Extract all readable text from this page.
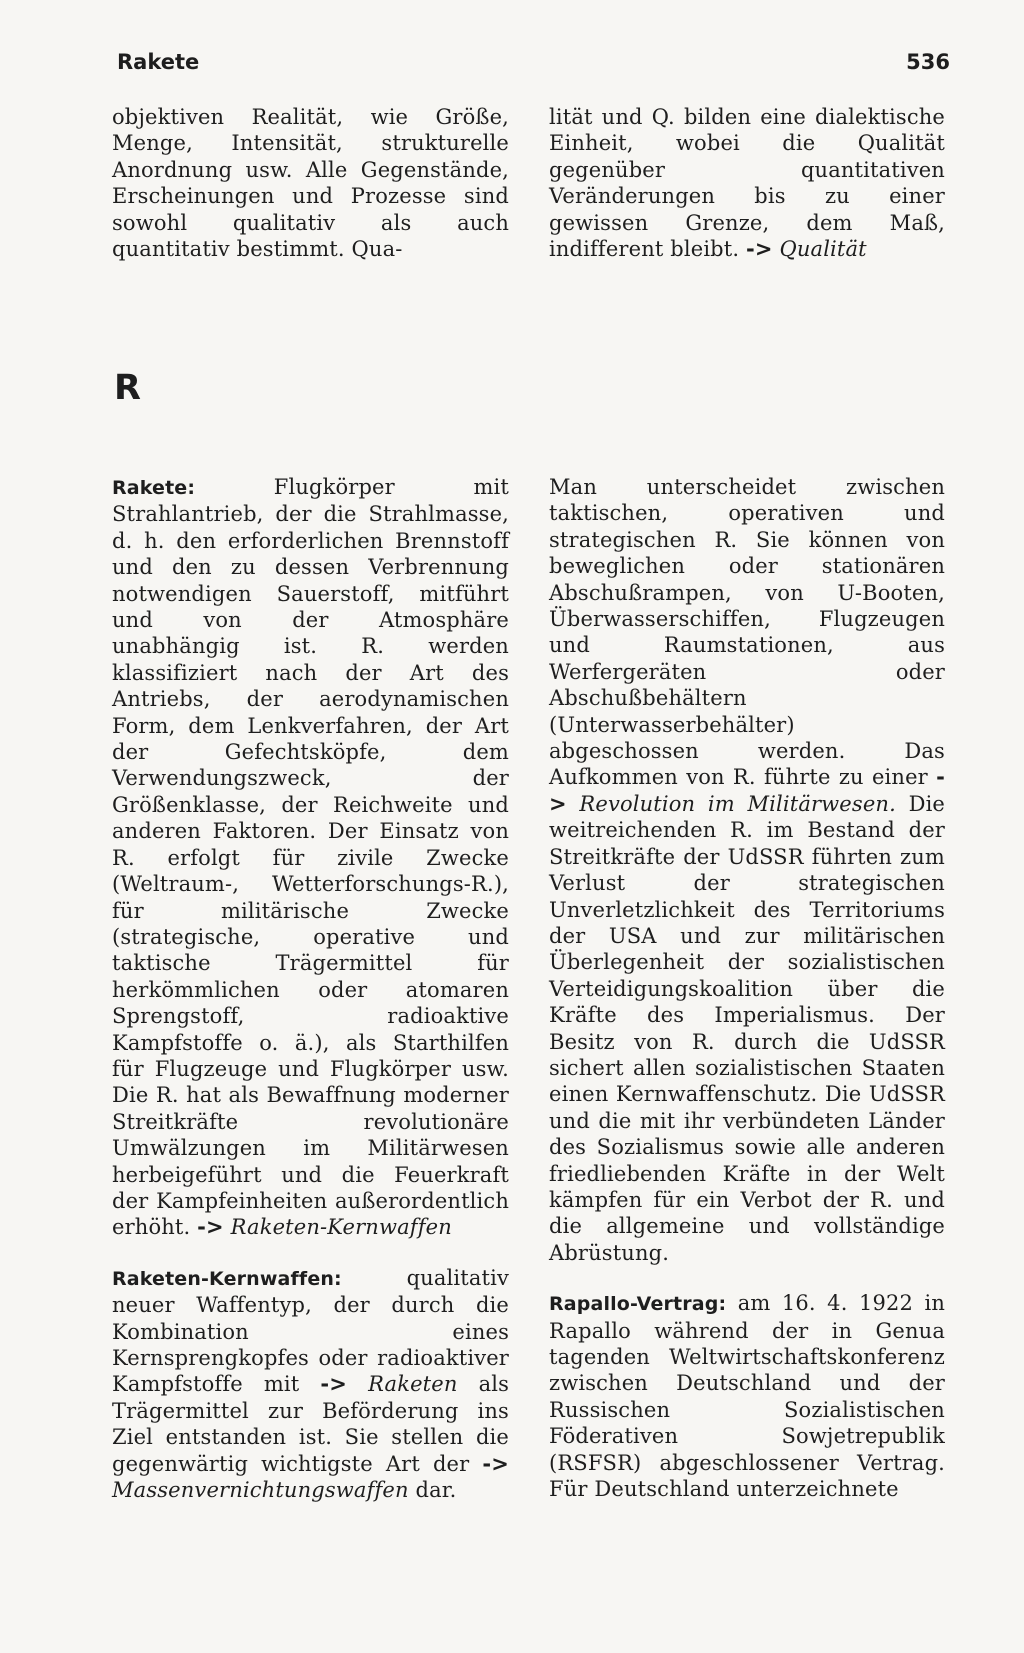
Rakete	536

objektiven Realität, wie Größe, Menge, Intensität, strukturelle Anordnung usw. Alle Gegenstände, Erscheinungen und Prozesse sind sowohl qualitativ als auch quantitativ bestimmt. Qua-

lität und Q. bilden eine dialektische Einheit, wobei die Qualität gegenüber quantitativen Veränderungen bis zu einer gewissen Grenze, dem Maß, indifferent bleibt. -> Qualität

R

Rakete:	Flugkörper mit Strahlantrieb, der die Strahlmasse, d. h. den erforderlichen Brennstoff und den zu dessen Verbrennung notwendigen Sauerstoff, mitführt und von der Atmosphäre unabhängig ist. R. werden klassifiziert nach der Art des Antriebs, der aerodynamischen Form, dem Lenkverfahren, der Art der Gefechtsköpfe, dem Verwendungszweck, der Größenklasse, der Reichweite und anderen Faktoren. Der Einsatz von R. erfolgt für zivile Zwecke (Weltraum-, Wetterforschungs-R.), für militärische Zwecke (strategische, operative und taktische Trägermittel für herkömmlichen oder atomaren Sprengstoff, radioaktive Kampfstoffe o. ä.), als Starthilfen für Flugzeuge und Flugkörper usw. Die R. hat als Bewaffnung moderner Streitkräfte revolutionäre Umwälzungen im Militärwesen herbeigeführt und die Feuerkraft der Kampfeinheiten außerordentlich erhöht. -> Raketen-Kernwaffen

Raketen-Kernwaffen:	qualitativ neuer Waffentyp, der durch die Kombination eines Kernsprengkopfes oder radioaktiver Kampfstoffe mit -> Raketen als Trägermittel zur Beförderung ins Ziel entstanden ist. Sie stellen die gegenwärtig wichtigste Art der -> Massenvernichtungswaffen dar.

Man unterscheidet zwischen taktischen, operativen und strategischen R. Sie können von beweglichen oder stationären Abschußrampen, von U-Booten, Überwasserschiffen, Flugzeugen und Raumstationen, aus Werfergeräten oder Abschußbehältern (Unterwasserbehälter) abgeschossen werden. Das Aufkommen von R. führte zu einer -> Revolution im Militärwesen. Die weitreichenden R. im Bestand der Streitkräfte der UdSSR führten zum Verlust der strategischen Unverletzlichkeit des Territoriums der USA und zur militärischen Überlegenheit der sozialistischen Verteidigungskoalition über die Kräfte des Imperialismus. Der Besitz von R. durch die UdSSR sichert allen sozialistischen Staaten einen Kernwaffenschutz. Die UdSSR und die mit ihr verbündeten Länder des Sozialismus sowie alle anderen friedliebenden Kräfte in der Welt kämpfen für ein Verbot der R. und die allgemeine und vollständige Abrüstung.

Rapallo-Vertrag: am 16. 4. 1922 in Rapallo während der in Genua tagenden Weltwirtschaftskonferenz zwischen Deutschland und der Russischen Sozialistischen Föderativen Sowjetrepublik (RSFSR) abgeschlossener Vertrag. Für Deutschland unterzeichnete
